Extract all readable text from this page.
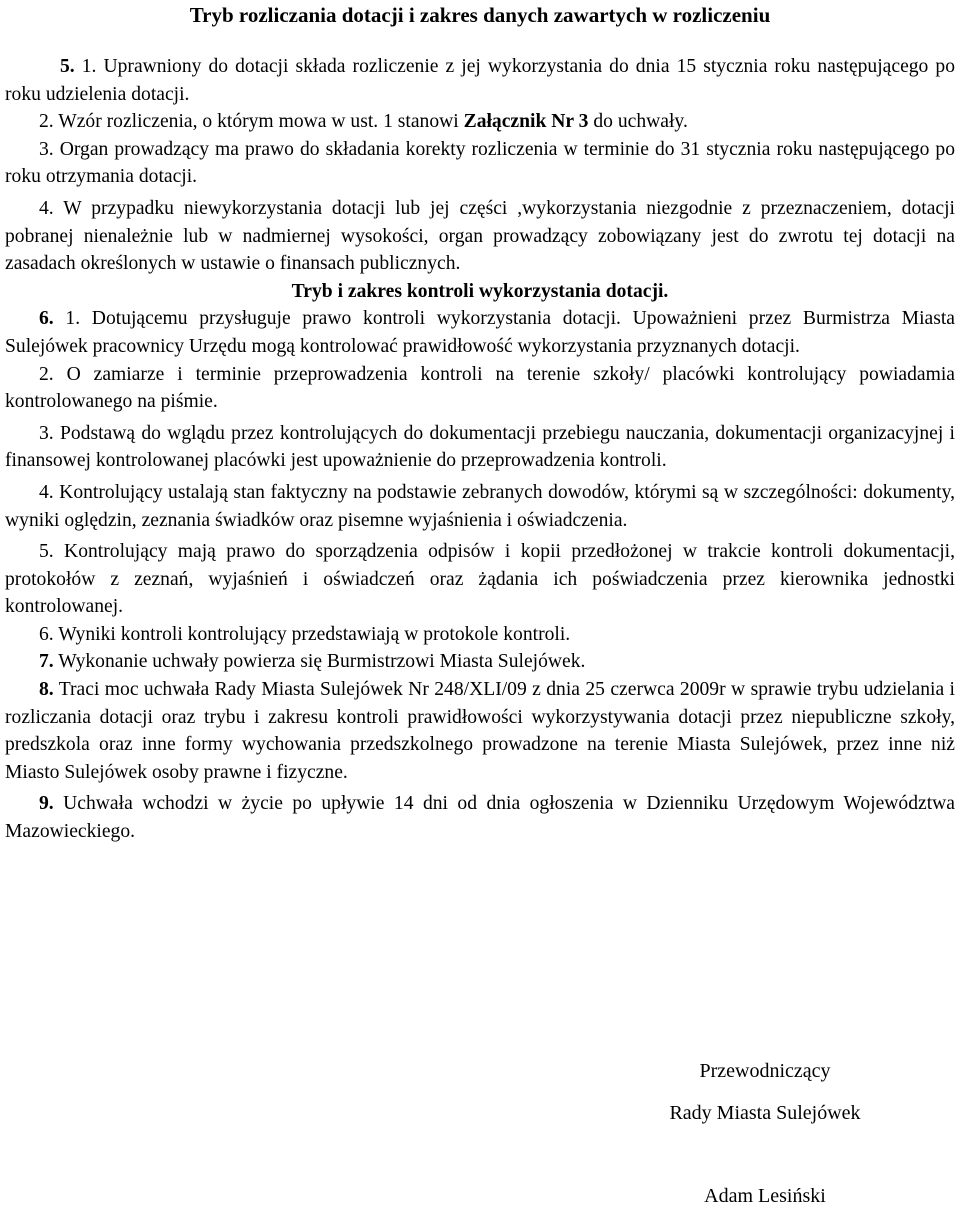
Tryb rozliczania dotacji i zakres danych zawartych w rozliczeniu

5. 1. Uprawniony do dotacji składa rozliczenie z jej wykorzystania do dnia 15 stycznia roku następującego po roku udzielenia dotacji.

2. Wzór rozliczenia, o którym mowa w ust. 1 stanowi Załącznik Nr 3 do uchwały.

3. Organ prowadzący ma prawo do składania korekty rozliczenia w terminie do 31 stycznia roku następującego po roku otrzymania dotacji.

4. W przypadku niewykorzystania dotacji lub jej części ,wykorzystania niezgodnie z przeznaczeniem, dotacji pobranej nienależnie lub w nadmiernej wysokości, organ prowadzący zobowiązany jest do zwrotu tej dotacji na zasadach określonych w ustawie o finansach publicznych.

Tryb i zakres kontroli wykorzystania dotacji.

6. 1. Dotującemu przysługuje prawo kontroli wykorzystania dotacji. Upoważnieni przez Burmistrza Miasta Sulejówek pracownicy Urzędu mogą kontrolować prawidłowość wykorzystania przyznanych dotacji.

2. O zamiarze i terminie przeprowadzenia kontroli na terenie szkoły/ placówki kontrolujący powiadamia kontrolowanego na piśmie.

3. Podstawą do wglądu przez kontrolujących do dokumentacji przebiegu nauczania, dokumentacji organizacyjnej i finansowej kontrolowanej placówki jest upoważnienie do przeprowadzenia kontroli.

4. Kontrolujący ustalają stan faktyczny na podstawie zebranych dowodów, którymi są w szczególności: dokumenty, wyniki oględzin, zeznania świadków oraz pisemne wyjaśnienia i oświadczenia.

5. Kontrolujący mają prawo do sporządzenia odpisów i kopii przedłożonej w trakcie kontroli dokumentacji, protokołów z zeznań, wyjaśnień i oświadczeń oraz żądania ich poświadczenia przez kierownika jednostki kontrolowanej.

6. Wyniki kontroli kontrolujący przedstawiają w protokole kontroli.

7. Wykonanie uchwały powierza się Burmistrzowi Miasta Sulejówek.

8. Traci moc uchwała Rady Miasta Sulejówek Nr 248/XLI/09 z dnia 25 czerwca 2009r w sprawie trybu udzielania i rozliczania dotacji oraz trybu i zakresu kontroli prawidłowości wykorzystywania dotacji przez niepubliczne szkoły, predszkola oraz inne formy wychowania przedszkolnego prowadzone na terenie Miasta Sulejówek, przez inne niż Miasto Sulejówek osoby prawne i fizyczne.

9. Uchwała wchodzi w życie po upływie 14 dni od dnia ogłoszenia w Dzienniku Urzędowym Województwa Mazowieckiego.

Przewodniczący
Rady Miasta Sulejówek
Adam Lesiński
